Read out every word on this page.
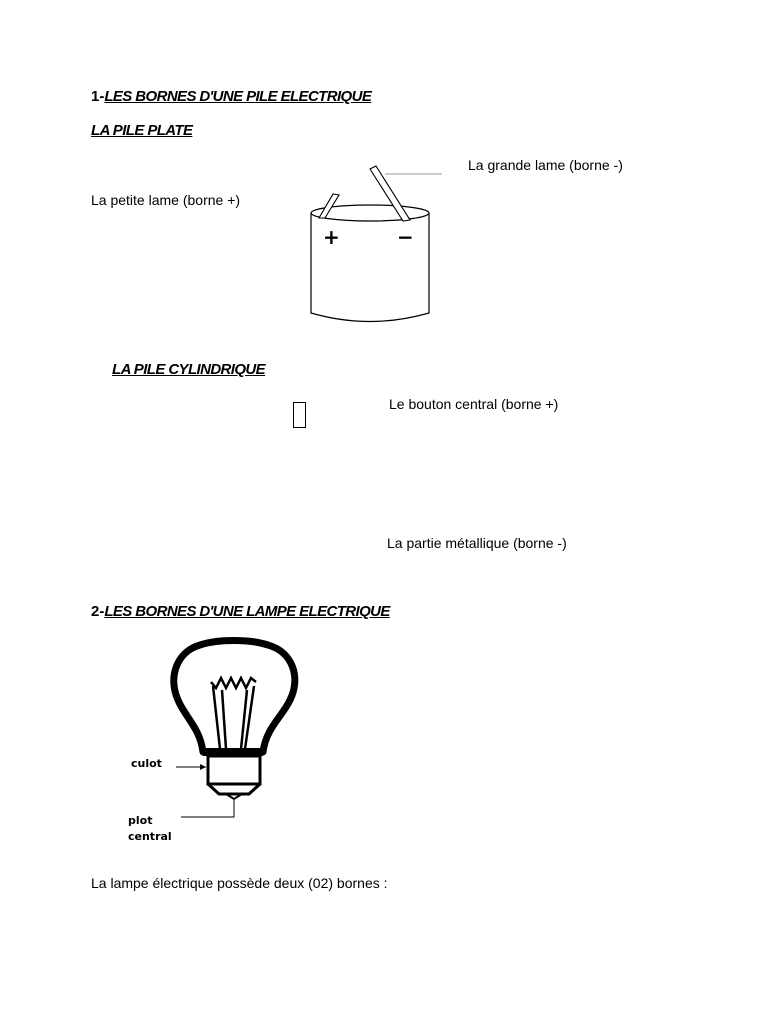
1-LES BORNES D'UNE PILE ELECTRIQUE
LA PILE PLATE
La grande lame (borne -)
La petite lame (borne +)
+	−
LA PILE CYLINDRIQUE
Le bouton central (borne +)
La partie métallique (borne -)
2-LES BORNES D'UNE LAMPE ELECTRIQUE
culot
plot
central
La lampe électrique possède deux (02) bornes :
